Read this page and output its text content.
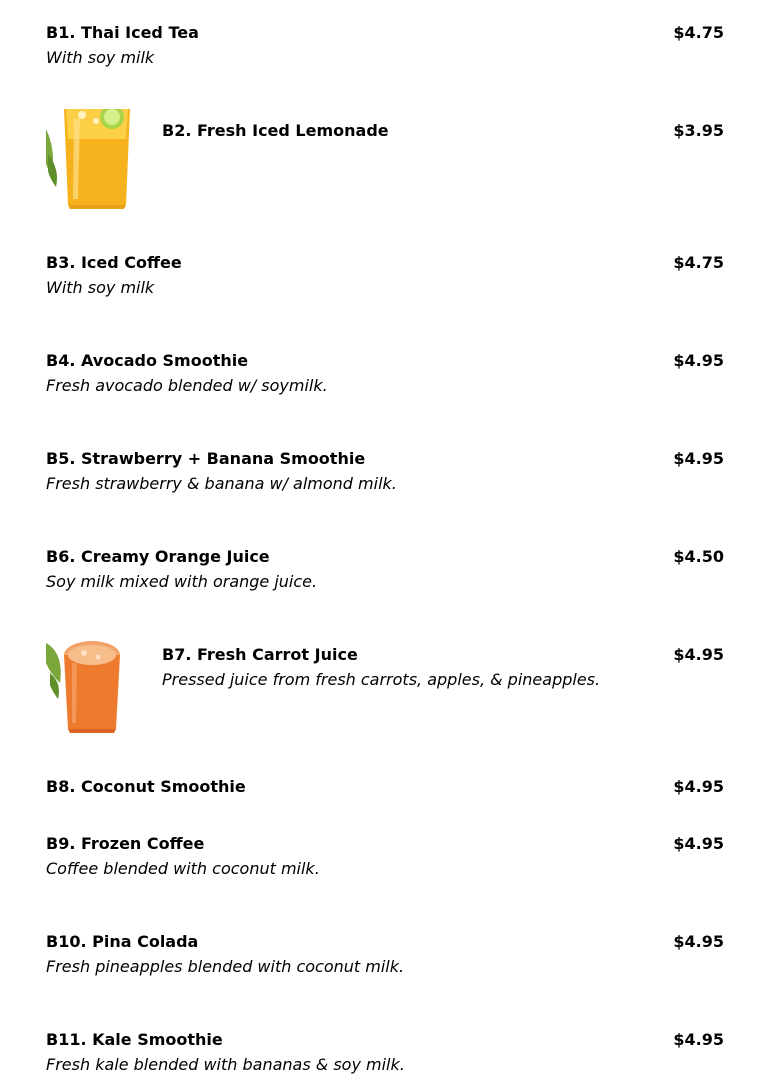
B1. Thai Iced Tea	$4.75
With soy milk
B2. Fresh Iced Lemonade	$3.95
B3. Iced Coffee	$4.75
With soy milk
B4. Avocado Smoothie	$4.95
Fresh avocado blended w/ soymilk.
B5. Strawberry + Banana Smoothie	$4.95
Fresh strawberry & banana w/ almond milk.
B6. Creamy Orange Juice	$4.50
Soy milk mixed with orange juice.
B7. Fresh Carrot Juice	$4.95
Pressed juice from fresh carrots, apples, & pineapples.
B8. Coconut Smoothie	$4.95
B9. Frozen Coffee	$4.95
Coffee blended with coconut milk.
B10. Pina Colada	$4.95
Fresh pineapples blended with coconut milk.
B11. Kale Smoothie	$4.95
Fresh kale blended with bananas & soy milk.
